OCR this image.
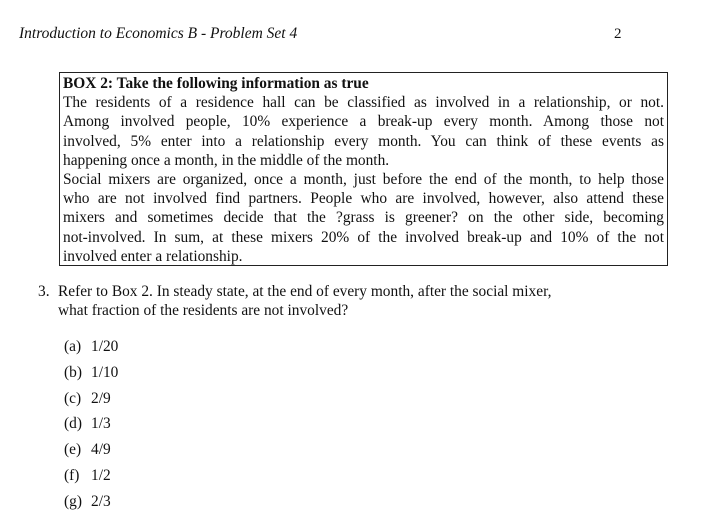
Introduction to Economics B - Problem Set 4	2
BOX 2: Take the following information as true
The residents of a residence hall can be classified as involved in a relationship, or not.
Among involved people, 10% experience a break-up every month. Among those not
involved, 5% enter into a relationship every month. You can think of these events as
happening once a month, in the middle of the month.
Social mixers are organized, once a month, just before the end of the month, to help those
who are not involved find partners. People who are involved, however, also attend these
mixers and sometimes decide that the ?grass is greener? on the other side, becoming
not-involved. In sum, at these mixers 20% of the involved break-up and 10% of the not
involved enter a relationship.
3. Refer to Box 2. In steady state, at the end of every month, after the social mixer,
what fraction of the residents are not involved?
(a) 1/20
(b) 1/10
(c) 2/9
(d) 1/3
(e) 4/9
(f) 1/2
(g) 2/3
